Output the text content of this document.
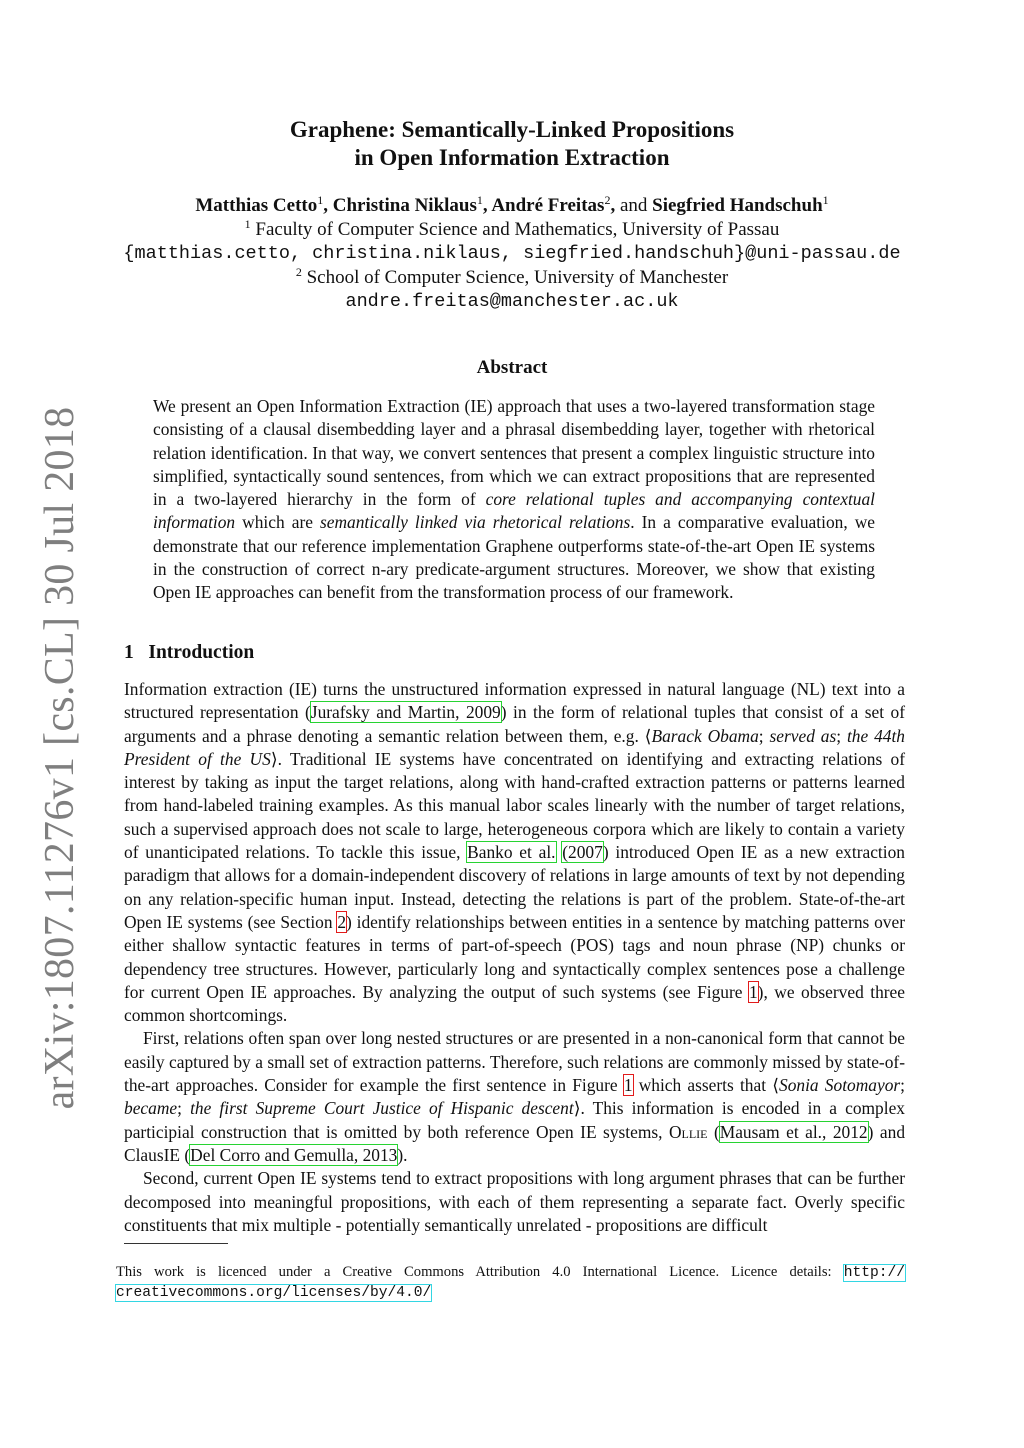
arXiv:1807.11276v1 [cs.CL] 30 Jul 2018
Graphene: Semantically-Linked Propositions
in Open Information Extraction
Matthias Cetto$^1$, Christina Niklaus$^1$, André Freitas$^2$, and Siegfried Handschuh$^1$
$^1$ Faculty of Computer Science and Mathematics, University of Passau
{matthias.cetto, christina.niklaus, siegfried.handschuh}@uni-passau.de
$^2$ School of Computer Science, University of Manchester
andre.freitas@manchester.ac.uk
Abstract
We present an Open Information Extraction (IE) approach that uses a two-layered transformation stage consisting of a clausal disembedding layer and a phrasal disembedding layer, together with rhetorical relation identification. In that way, we convert sentences that present a complex linguistic structure into simplified, syntactically sound sentences, from which we can extract propositions that are represented in a two-layered hierarchy in the form of core relational tuples and accompanying contextual information which are semantically linked via rhetorical relations. In a comparative evaluation, we demonstrate that our reference implementation Graphene outperforms state-of-the-art Open IE systems in the construction of correct n-ary predicate-argument structures. Moreover, we show that existing Open IE approaches can benefit from the transformation process of our framework.
1 Introduction

Information extraction (IE) turns the unstructured information expressed in natural language (NL) text into a structured representation (Jurafsky and Martin, 2009) in the form of relational tuples that consist of a set of arguments and a phrase denoting a semantic relation between them, e.g. ⟨Barack Obama; served as; the 44th President of the US⟩. Traditional IE systems have concentrated on identifying and extracting relations of interest by taking as input the target relations, along with hand-crafted extraction patterns or patterns learned from hand-labeled training examples. As this manual labor scales linearly with the number of target relations, such a supervised approach does not scale to large, heterogeneous corpora which are likely to contain a variety of unanticipated relations. To tackle this issue, Banko et al. (2007) introduced Open IE as a new extraction paradigm that allows for a domain-independent discovery of relations in large amounts of text by not depending on any relation-specific human input. Instead, detecting the relations is part of the problem. State-of-the-art Open IE systems (see Section 2) identify relationships between entities in a sentence by matching patterns over either shallow syntactic features in terms of part-of-speech (POS) tags and noun phrase (NP) chunks or dependency tree structures. However, particularly long and syntactically complex sentences pose a challenge for current Open IE approaches. By analyzing the output of such systems (see Figure 1), we observed three common shortcomings.

First, relations often span over long nested structures or are presented in a non-canonical form that cannot be easily captured by a small set of extraction patterns. Therefore, such relations are commonly missed by state-of-the-art approaches. Consider for example the first sentence in Figure 1 which asserts that ⟨Sonia Sotomayor; became; the first Supreme Court Justice of Hispanic descent⟩. This information is encoded in a complex participial construction that is omitted by both reference Open IE systems, Ollie (Mausam et al., 2012) and ClausIE (Del Corro and Gemulla, 2013).

Second, current Open IE systems tend to extract propositions with long argument phrases that can be further decomposed into meaningful propositions, with each of them representing a separate fact. Overly specific constituents that mix multiple - potentially semantically unrelated - propositions are difficult

This work is licenced under a Creative Commons Attribution 4.0 International Licence. Licence details: http:// creativecommons.org/licenses/by/4.0/
